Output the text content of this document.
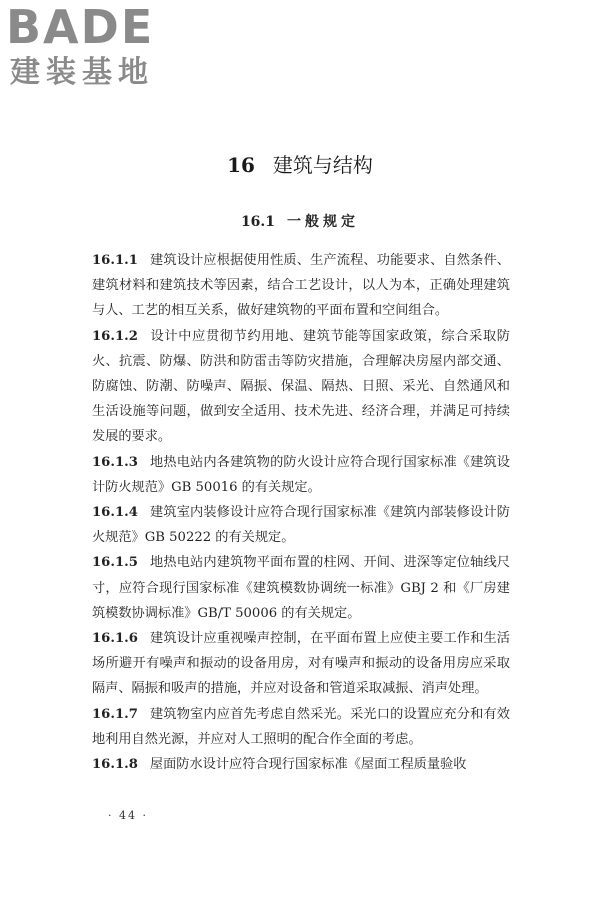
BADE
建装基地
16 建筑与结构
16.1 一般规定

16.1.1 建筑设计应根据使用性质、生产流程、功能要求、自然条件、建筑材料和建筑技术等因素，结合工艺设计，以人为本，正确处理建筑与人、工艺的相互关系，做好建筑物的平面布置和空间组合。

16.1.2 设计中应贯彻节约用地、建筑节能等国家政策，综合采取防火、抗震、防爆、防洪和防雷击等防灾措施，合理解决房屋内部交通、防腐蚀、防潮、防噪声、隔振、保温、隔热、日照、采光、自然通风和生活设施等问题，做到安全适用、技术先进、经济合理，并满足可持续发展的要求。

16.1.3 地热电站内各建筑物的防火设计应符合现行国家标准《建筑设计防火规范》GB 50016 的有关规定。

16.1.4 建筑室内装修设计应符合现行国家标准《建筑内部装修设计防火规范》GB 50222 的有关规定。

16.1.5 地热电站内建筑物平面布置的柱网、开间、进深等定位轴线尺寸，应符合现行国家标准《建筑模数协调统一标准》GBJ 2 和《厂房建筑模数协调标准》GB/T 50006 的有关规定。

16.1.6 建筑设计应重视噪声控制，在平面布置上应使主要工作和生活场所避开有噪声和振动的设备用房，对有噪声和振动的设备用房应采取隔声、隔振和吸声的措施，并应对设备和管道采取减振、消声处理。

16.1.7 建筑物室内应首先考虑自然采光。采光口的设置应充分和有效地利用自然光源，并应对人工照明的配合作全面的考虑。

16.1.8 屋面防水设计应符合现行国家标准《屋面工程质量验收

· 44 ·
